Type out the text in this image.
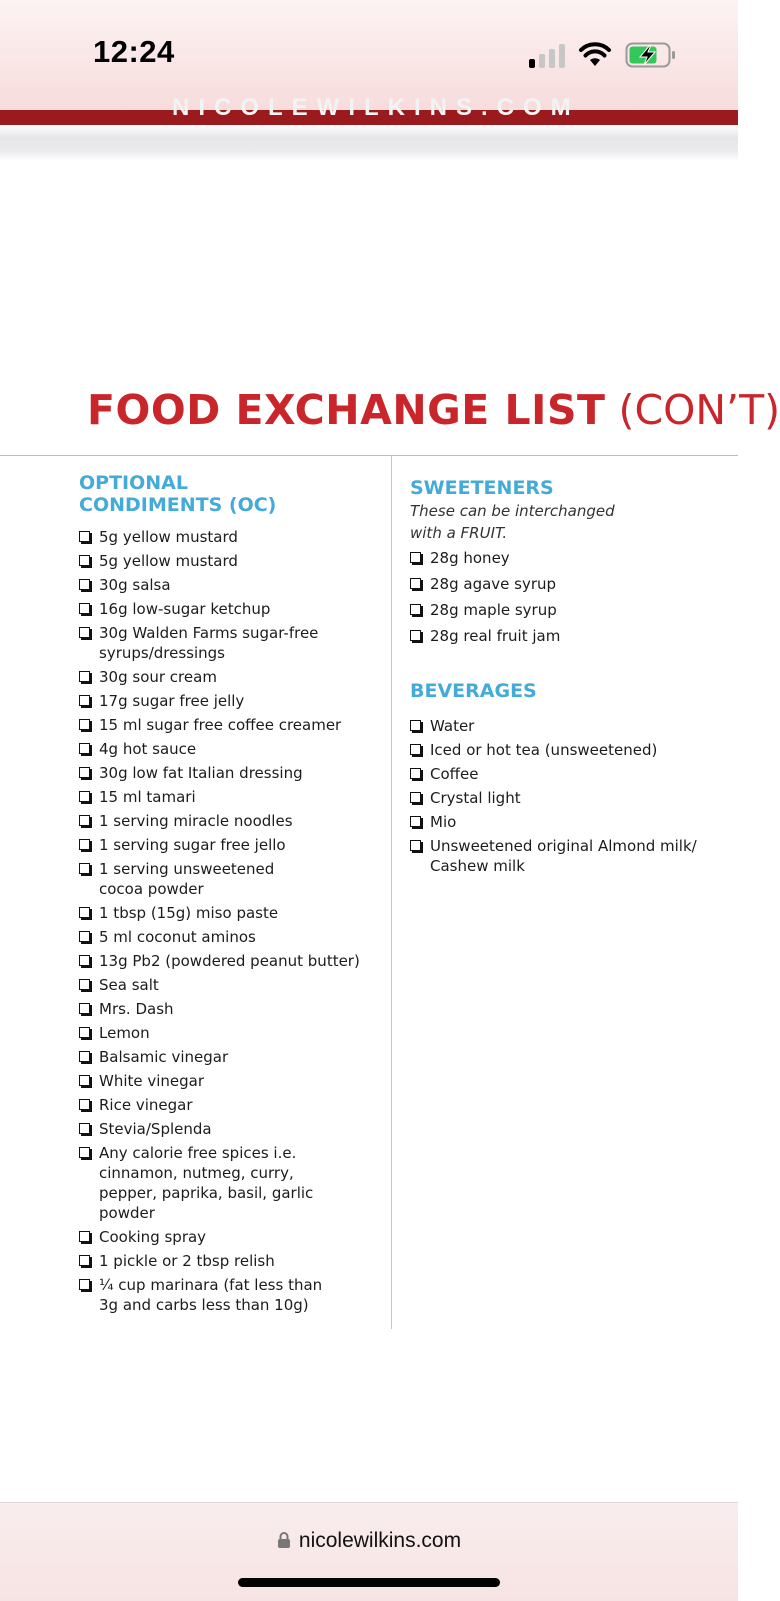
12:24
NICOLEWILKINS.COM
FOOD EXCHANGE LIST (CON’T)
OPTIONAL
CONDIMENTS (OC)
5g yellow mustard
5g yellow mustard
30g salsa
16g low-sugar ketchup
30g Walden Farms sugar-free syrups/dressings
30g sour cream
17g sugar free jelly
15 ml sugar free coffee creamer
4g hot sauce
30g low fat Italian dressing
15 ml tamari
1 serving miracle noodles
1 serving sugar free jello
1 serving unsweetened cocoa powder
1 tbsp (15g) miso paste
5 ml coconut aminos
13g Pb2 (powdered peanut butter)
Sea salt
Mrs. Dash
Lemon
Balsamic vinegar
White vinegar
Rice vinegar
Stevia/Splenda
Any calorie free spices i.e. cinnamon, nutmeg, curry, pepper, paprika, basil, garlic powder
Cooking spray
1 pickle or 2 tbsp relish
¼ cup marinara (fat less than 3g and carbs less than 10g)
SWEETENERS
These can be interchanged with a FRUIT.
28g honey
28g agave syrup
28g maple syrup
28g real fruit jam
BEVERAGES
Water
Iced or hot tea (unsweetened)
Coffee
Crystal light
Mio
Unsweetened original Almond milk/ Cashew milk
nicolewilkins.com
